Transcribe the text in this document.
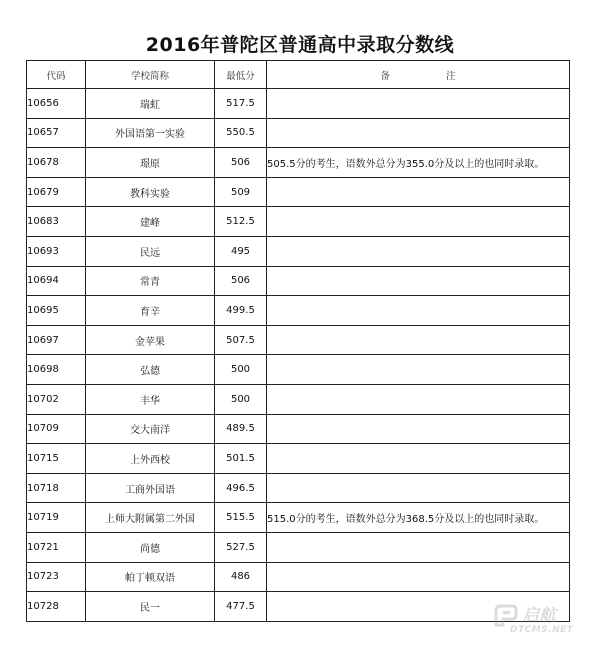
2016年普陀区普通高中录取分数线
代码	学校简称	最低分	备 注
10656	瑞虹	517.5	
10657	外国语第一实验	550.5	
10678	璟原	506	505.5分的考生，语数外总分为355.0分及以上的也同时录取。
10679	教科实验	509	
10683	建峰	512.5	
10693	民远	495	
10694	常青	506	
10695	育辛	499.5	
10697	金苹果	507.5	
10698	弘德	500	
10702	丰华	500	
10709	交大南洋	489.5	
10715	上外西校	501.5	
10718	工商外国语	496.5	
10719	上师大附属第二外国	515.5	515.0分的考生，语数外总分为368.5分及以上的也同时录取。
10721	尚德	527.5	
10723	帕丁顿双语	486	
10728	民一	477.5		启航
DTCMS.NET
